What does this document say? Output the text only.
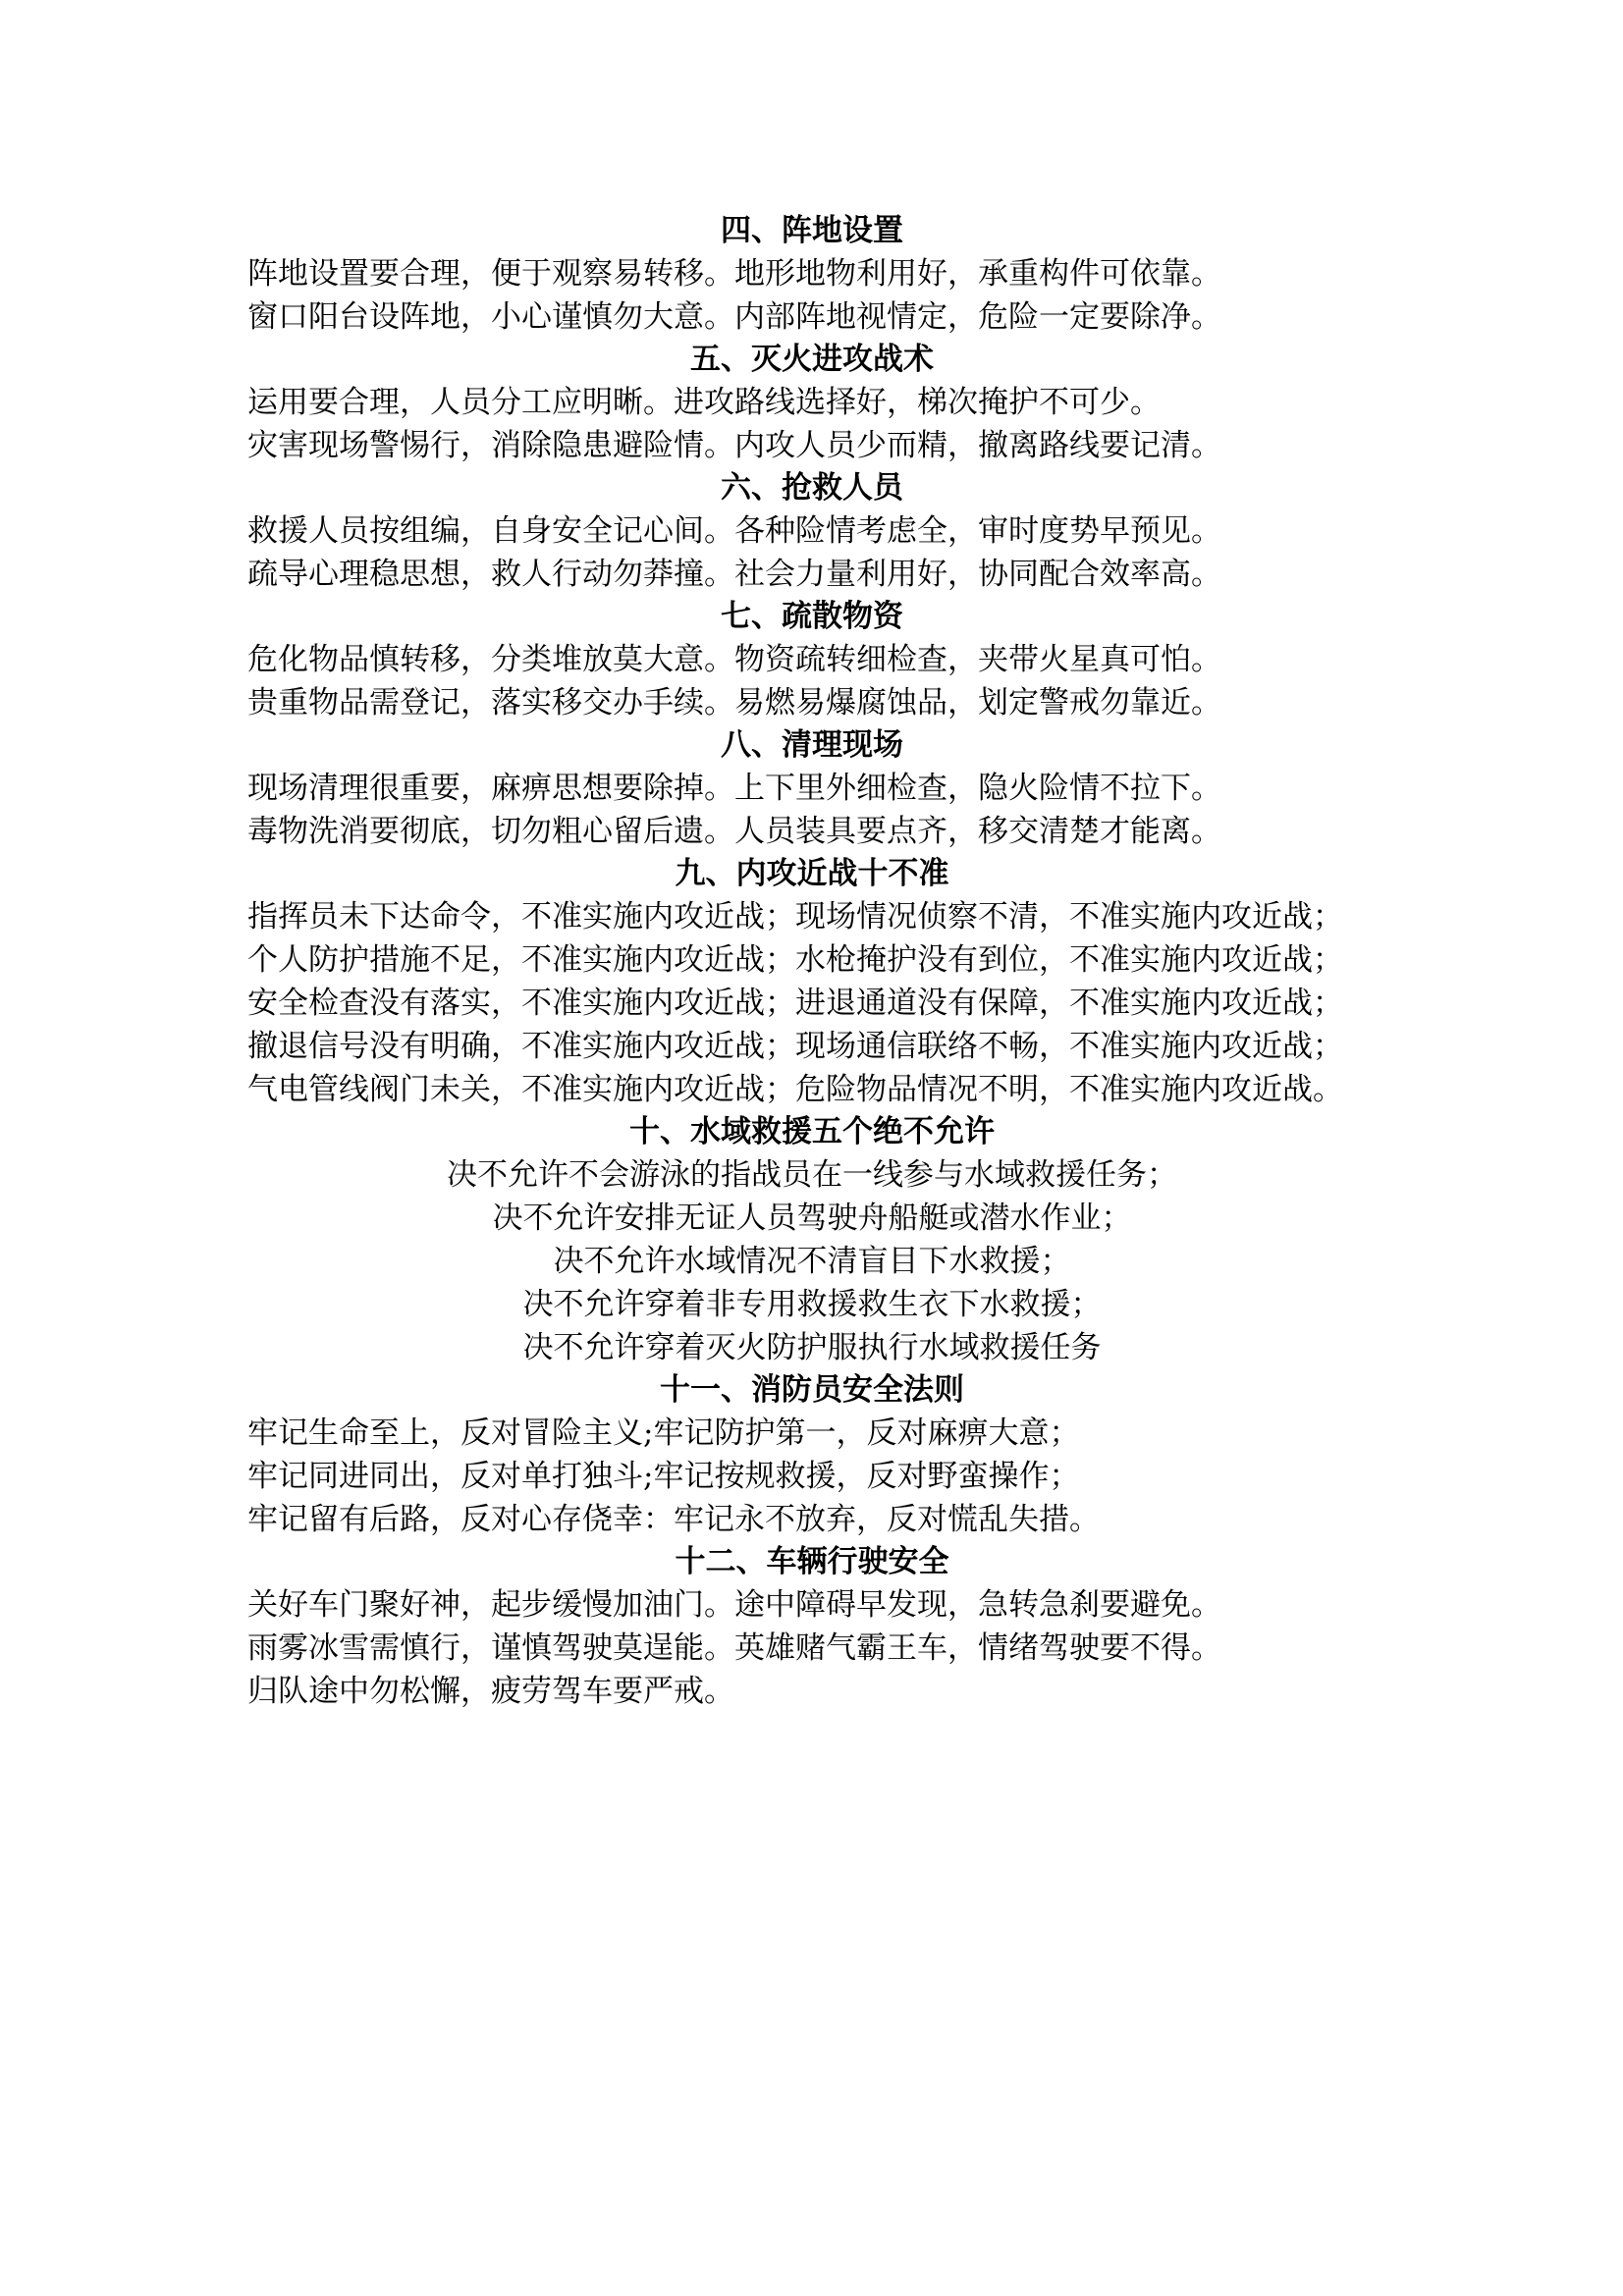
四、阵地设置
阵地设置要合理，便于观察易转移。地形地物利用好，承重构件可依靠。
窗口阳台设阵地，小心谨慎勿大意。内部阵地视情定，危险一定要除净。
五、灭火进攻战术
运用要合理，人员分工应明晰。进攻路线选择好，梯次掩护不可少。
灾害现场警惕行，消除隐患避险情。内攻人员少而精，撤离路线要记清。
六、抢救人员
救援人员按组编，自身安全记心间。各种险情考虑全，审时度势早预见。
疏导心理稳思想，救人行动勿莽撞。社会力量利用好，协同配合效率高。
七、疏散物资
危化物品慎转移，分类堆放莫大意。物资疏转细检查，夹带火星真可怕。
贵重物品需登记，落实移交办手续。易燃易爆腐蚀品，划定警戒勿靠近。
八、清理现场
现场清理很重要，麻痹思想要除掉。上下里外细检查，隐火险情不拉下。
毒物洗消要彻底，切勿粗心留后遗。人员装具要点齐，移交清楚才能离。
九、内攻近战十不准
指挥员未下达命令，不准实施内攻近战；现场情况侦察不清，不准实施内攻近战；
个人防护措施不足，不准实施内攻近战；水枪掩护没有到位，不准实施内攻近战；
安全检查没有落实，不准实施内攻近战；进退通道没有保障，不准实施内攻近战；
撤退信号没有明确，不准实施内攻近战；现场通信联络不畅，不准实施内攻近战；
气电管线阀门未关，不准实施内攻近战；危险物品情况不明，不准实施内攻近战。
十、水域救援五个绝不允许
决不允许不会游泳的指战员在一线参与水域救援任务；
决不允许安排无证人员驾驶舟船艇或潜水作业；
决不允许水域情况不清盲目下水救援；
决不允许穿着非专用救援救生衣下水救援；
决不允许穿着灭火防护服执行水域救援任务
十一、消防员安全法则
牢记生命至上，反对冒险主义;牢记防护第一，反对麻痹大意；
牢记同进同出，反对单打独斗;牢记按规救援，反对野蛮操作；
牢记留有后路，反对心存侥幸：牢记永不放弃，反对慌乱失措。
十二、车辆行驶安全
关好车门聚好神，起步缓慢加油门。途中障碍早发现，急转急刹要避免。
雨雾冰雪需慎行，谨慎驾驶莫逞能。英雄赌气霸王车，情绪驾驶要不得。
归队途中勿松懈，疲劳驾车要严戒。
